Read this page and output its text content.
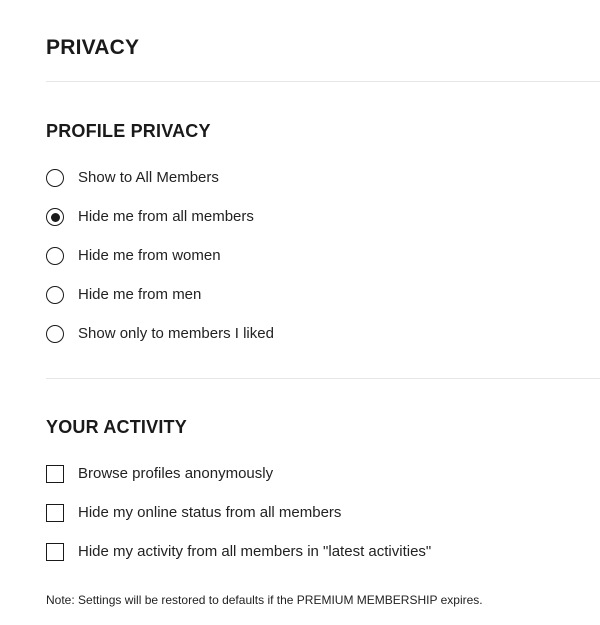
PRIVACY
PROFILE PRIVACY
Show to All Members
Hide me from all members
Hide me from women
Hide me from men
Show only to members I liked
YOUR ACTIVITY
Browse profiles anonymously
Hide my online status from all members
Hide my activity from all members in "latest activities"
Note: Settings will be restored to defaults if the PREMIUM MEMBERSHIP expires.
